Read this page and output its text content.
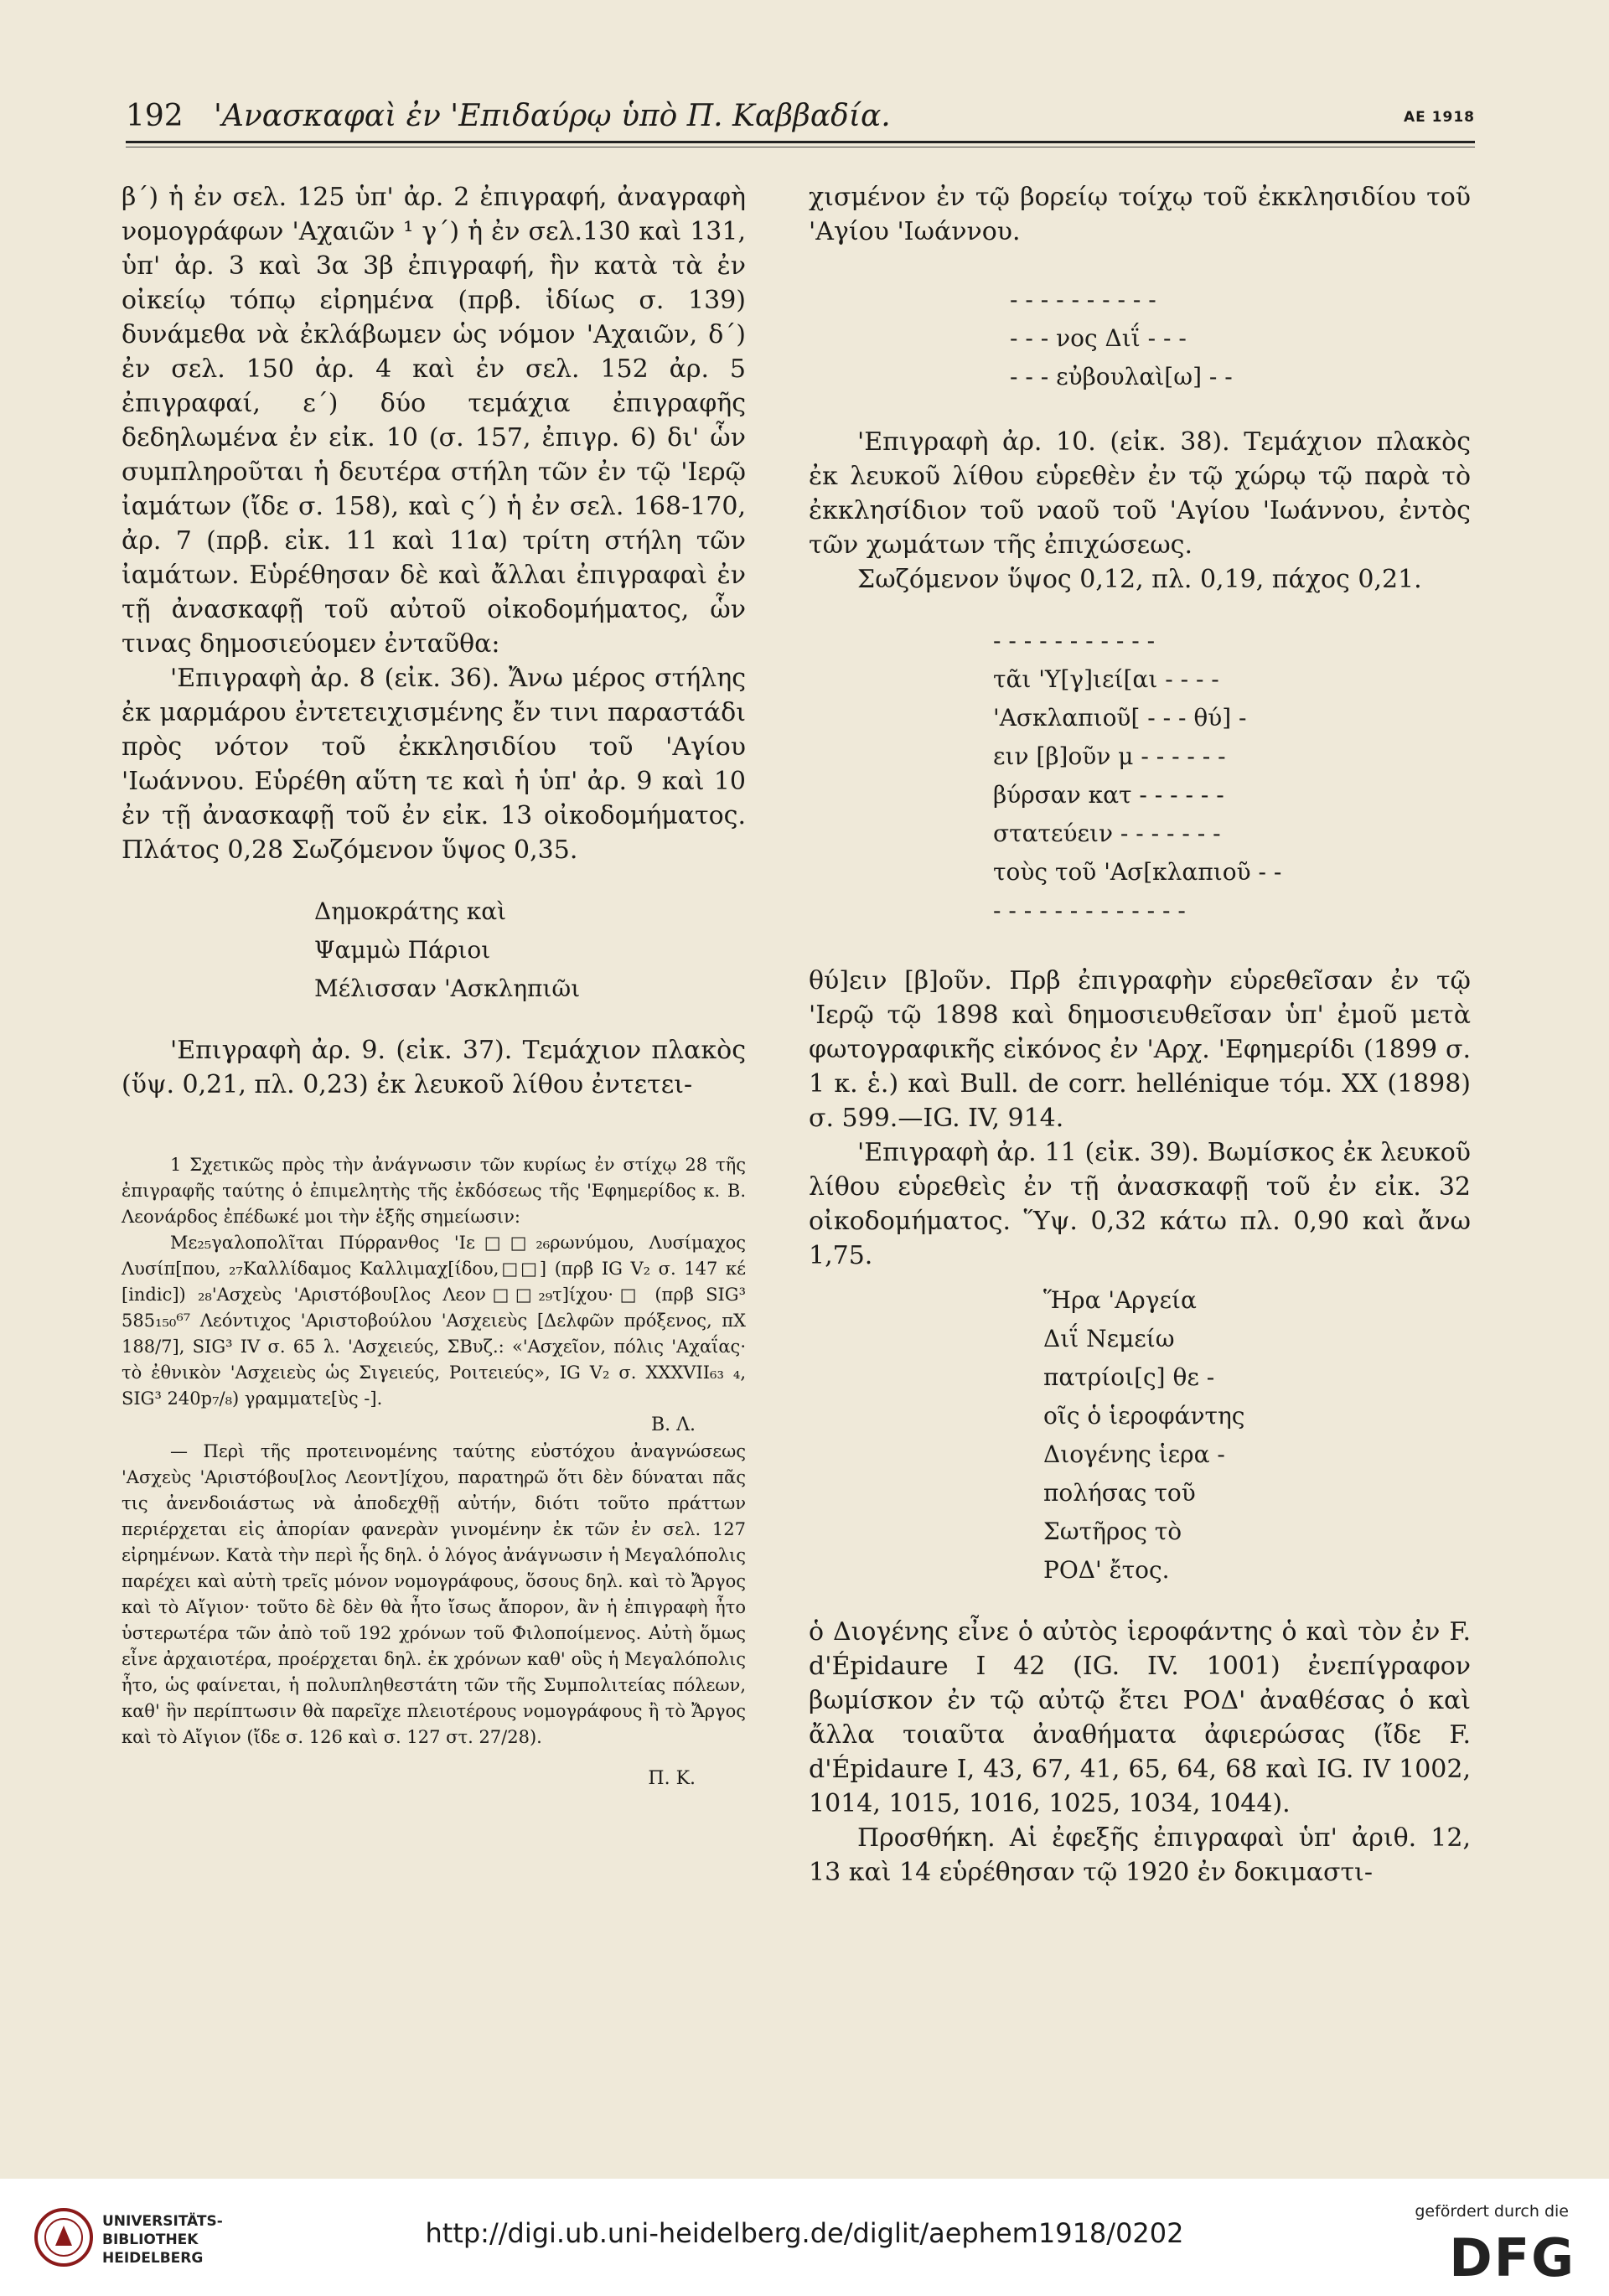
192 'Ανασκαφαὶ ἐν 'Επιδαύρῳ ὑπὸ Π. Καββαδία.	ΑΕ 1918

β΄) ἡ ἐν σελ. 125 ὑπ' ἀρ. 2 ἐπιγραφή, ἀναγραφὴ νομογράφων 'Αχαιῶν ¹ γ΄) ἡ ἐν σελ.130 καὶ 131, ὑπ' ἀρ. 3 καὶ 3α 3β ἐπιγραφή, ἣν κατὰ τὰ ἐν οἰκείῳ τόπῳ εἰρημένα (πρβ. ἰδίως σ. 139) δυνάμεθα νὰ ἐκλάβωμεν ὡς νόμον 'Αχαιῶν, δ΄) ἐν σελ. 150 ἀρ. 4 καὶ ἐν σελ. 152 ἀρ. 5 ἐπιγραφαί, ε΄) δύο τεμάχια ἐπιγραφῆς δεδηλωμένα ἐν εἰκ. 10 (σ. 157, ἐπιγρ. 6) δι' ὧν συμπληροῦται ἡ δευτέρα στήλη τῶν ἐν τῷ 'Ιερῷ ἰαμάτων (ἴδε σ. 158), καὶ ς΄) ἡ ἐν σελ. 168-170, ἀρ. 7 (πρβ. εἰκ. 11 καὶ 11α) τρίτη στήλη τῶν ἰαμάτων. Εὑρέθησαν δὲ καὶ ἄλλαι ἐπιγραφαὶ ἐν τῇ ἀνασκαφῇ τοῦ αὐτοῦ οἰκοδομήματος, ὧν τινας δημοσιεύομεν ἐνταῦθα:

'Επιγραφὴ ἀρ. 8 (εἰκ. 36). Ἄνω μέρος στήλης ἐκ μαρμάρου ἐντετειχισμένης ἔν τινι παραστάδι πρὸς νότον τοῦ ἐκκλησιδίου τοῦ 'Αγίου 'Ιωάννου. Εὑρέθη αὕτη τε καὶ ἡ ὑπ' ἀρ. 9 καὶ 10 ἐν τῇ ἀνασκαφῇ τοῦ ἐν εἰκ. 13 οἰκοδομήματος. Πλάτος 0,28 Σωζόμενον ὕψος 0,35.

Δημοκράτης καὶ
Ψαμμὼ Πάριοι
Μέλισσαν 'Ασκληπιῶι

'Επιγραφὴ ἀρ. 9. (εἰκ. 37). Τεμάχιον πλακὸς (ὕψ. 0,21, πλ. 0,23) ἐκ λευκοῦ λίθου ἐντετει-

1 Σχετικῶς πρὸς τὴν ἀνάγνωσιν τῶν κυρίως ἐν στίχῳ 28 τῆς ἐπιγραφῆς ταύτης ὁ ἐπιμελητὴς τῆς ἐκδόσεως τῆς 'Εφημερίδος κ. Β. Λεονάρδος ἐπέδωκέ μοι τὴν ἑξῆς σημείωσιν:

Με₂₅γαλοπολῖται Πύρρανθος 'Ιε□□₂₆ρωνύμου, Λυσίμαχος Λυσίπ[που, ₂₇Καλλίδαμος Καλλιμαχ[ίδου,□□] (πρβ IG V₂ σ. 147 κέ [indic]) ₂₈'Ασχεὺς 'Αριστόβου[λος Λεον□□₂₉τ]ίχου·□ (πρβ SIG³ 585₁₅₀⁶⁷ Λεόντιχος 'Αριστοβούλου 'Ασχειεὺς [Δελφῶν πρόξενος, πΧ 188/7], SIG³ IV σ. 65 λ. 'Ασχειεύς, ΣΒυζ.: «'Ασχεῖον, πόλις 'Αχαΐας· τὸ ἐθνικὸν 'Ασχειεὺς ὡς Σιγειεύς, Ροιτειεύς», IG V₂ σ. XXXVII₆₃ ₄, SIG³ 240p₇/₈) γραμματε[ὺς -].

Β. Λ.

— Περὶ τῆς προτεινομένης ταύτης εὐστόχου ἀναγνώσεως 'Ασχεὺς 'Αριστόβου[λος Λεοντ]ίχου, παρατηρῶ ὅτι δὲν δύναται πᾶς τις ἀνενδοιάστως νὰ ἀποδεχθῇ αὐτήν, διότι τοῦτο πράττων περιέρχεται εἰς ἀπορίαν φανερὰν γινομένην ἐκ τῶν ἐν σελ. 127 εἰρημένων. Κατὰ τὴν περὶ ἧς δηλ. ὁ λόγος ἀνάγνωσιν ἡ Μεγαλόπολις παρέχει καὶ αὐτὴ τρεῖς μόνον νομογράφους, ὅσους δηλ. καὶ τὸ Ἄργος καὶ τὸ Αἴγιον· τοῦτο δὲ δὲν θὰ ἦτο ἴσως ἄπορον, ἂν ἡ ἐπιγραφὴ ἦτο ὑστερωτέρα τῶν ἀπὸ τοῦ 192 χρόνων τοῦ Φιλοποίμενος. Αὐτὴ ὅμως εἶνε ἀρχαιοτέρα, προέρχεται δηλ. ἐκ χρόνων καθ' οὓς ἡ Μεγαλόπολις ἦτο, ὡς φαίνεται, ἡ πολυπληθεστάτη τῶν τῆς Συμπολιτείας πόλεων, καθ' ἣν περίπτωσιν θὰ παρεῖχε πλειοτέρους νομογράφους ἢ τὸ Ἄργος καὶ τὸ Αἴγιον (ἴδε σ. 126 καὶ σ. 127 στ. 27/28).

Π. Κ.

χισμένον ἐν τῷ βορείῳ τοίχῳ τοῦ ἐκκλησιδίου τοῦ 'Αγίου 'Ιωάννου.

- - - - - - - - - -
- - - νος Διΐ - - -
- - - εὐβουλαὶ[ω] - -

'Επιγραφὴ ἀρ. 10. (εἰκ. 38). Τεμάχιον πλακὸς ἐκ λευκοῦ λίθου εὑρεθὲν ἐν τῷ χώρῳ τῷ παρὰ τὸ ἐκκλησίδιον τοῦ ναοῦ τοῦ 'Αγίου 'Ιωάννου, ἐντὸς τῶν χωμάτων τῆς ἐπιχώσεως.

Σωζόμενον ὕψος 0,12, πλ. 0,19, πάχος 0,21.

- - - - - - - - - - -
τᾶι 'Υ[γ]ιεί[αι - - - -
'Ασκλαπιοῦ[ - - - θύ] -
ειν [β]οῦν μ - - - - - -
βύρσαν κατ - - - - - -
στατεύειν - - - - - - -
τοὺς τοῦ 'Ασ[κλαπιοῦ - -
- - - - - - - - - - - - -

θύ]ειν [β]οῦν. Πρβ ἐπιγραφὴν εὑρεθεῖσαν ἐν τῷ 'Ιερῷ τῷ 1898 καὶ δημοσιευθεῖσαν ὑπ' ἐμοῦ μετὰ φωτογραφικῆς εἰκόνος ἐν 'Αρχ. 'Εφημερίδι (1899 σ. 1 κ. ἑ.) καὶ Bull. de corr. hellénique τόμ. XX (1898) σ. 599.—IG. IV, 914.

'Επιγραφὴ ἀρ. 11 (εἰκ. 39). Βωμίσκος ἐκ λευκοῦ λίθου εὑρεθεὶς ἐν τῇ ἀνασκαφῇ τοῦ ἐν εἰκ. 32 οἰκοδομήματος. Ὕψ. 0,32 κάτω πλ. 0,90 καὶ ἄνω 1,75.

Ἥρα 'Αργεία
Διΐ Νεμείω
πατρίοι[ς] θε -
οῖς ὁ ἱεροφάντης
Διογένης ἱερα -
πολήσας τοῦ
Σωτῆρος τὸ
ΡΟΔ' ἔτος.

ὁ Διογένης εἶνε ὁ αὐτὸς ἱεροφάντης ὁ καὶ τὸν ἐν F. d'Épidaure I 42 (IG. IV. 1001) ἐνεπίγραφον βωμίσκον ἐν τῷ αὐτῷ ἔτει ΡΟΔ' ἀναθέσας ὁ καὶ ἄλλα τοιαῦτα ἀναθήματα ἀφιερώσας (ἴδε F. d'Épidaure I, 43, 67, 41, 65, 64, 68 καὶ IG. IV 1002, 1014, 1015, 1016, 1025, 1034, 1044).

Προσθήκη. Αἱ ἐφεξῆς ἐπιγραφαὶ ὑπ' ἀριθ. 12, 13 καὶ 14 εὑρέθησαν τῷ 1920 ἐν δοκιμαστι-

UNIVERSITÄTS-
BIBLIOTHEK
HEIDELBERG
http://digi.ub.uni-heidelberg.de/diglit/aephem1918/0202
gefördert durch die
DFG
